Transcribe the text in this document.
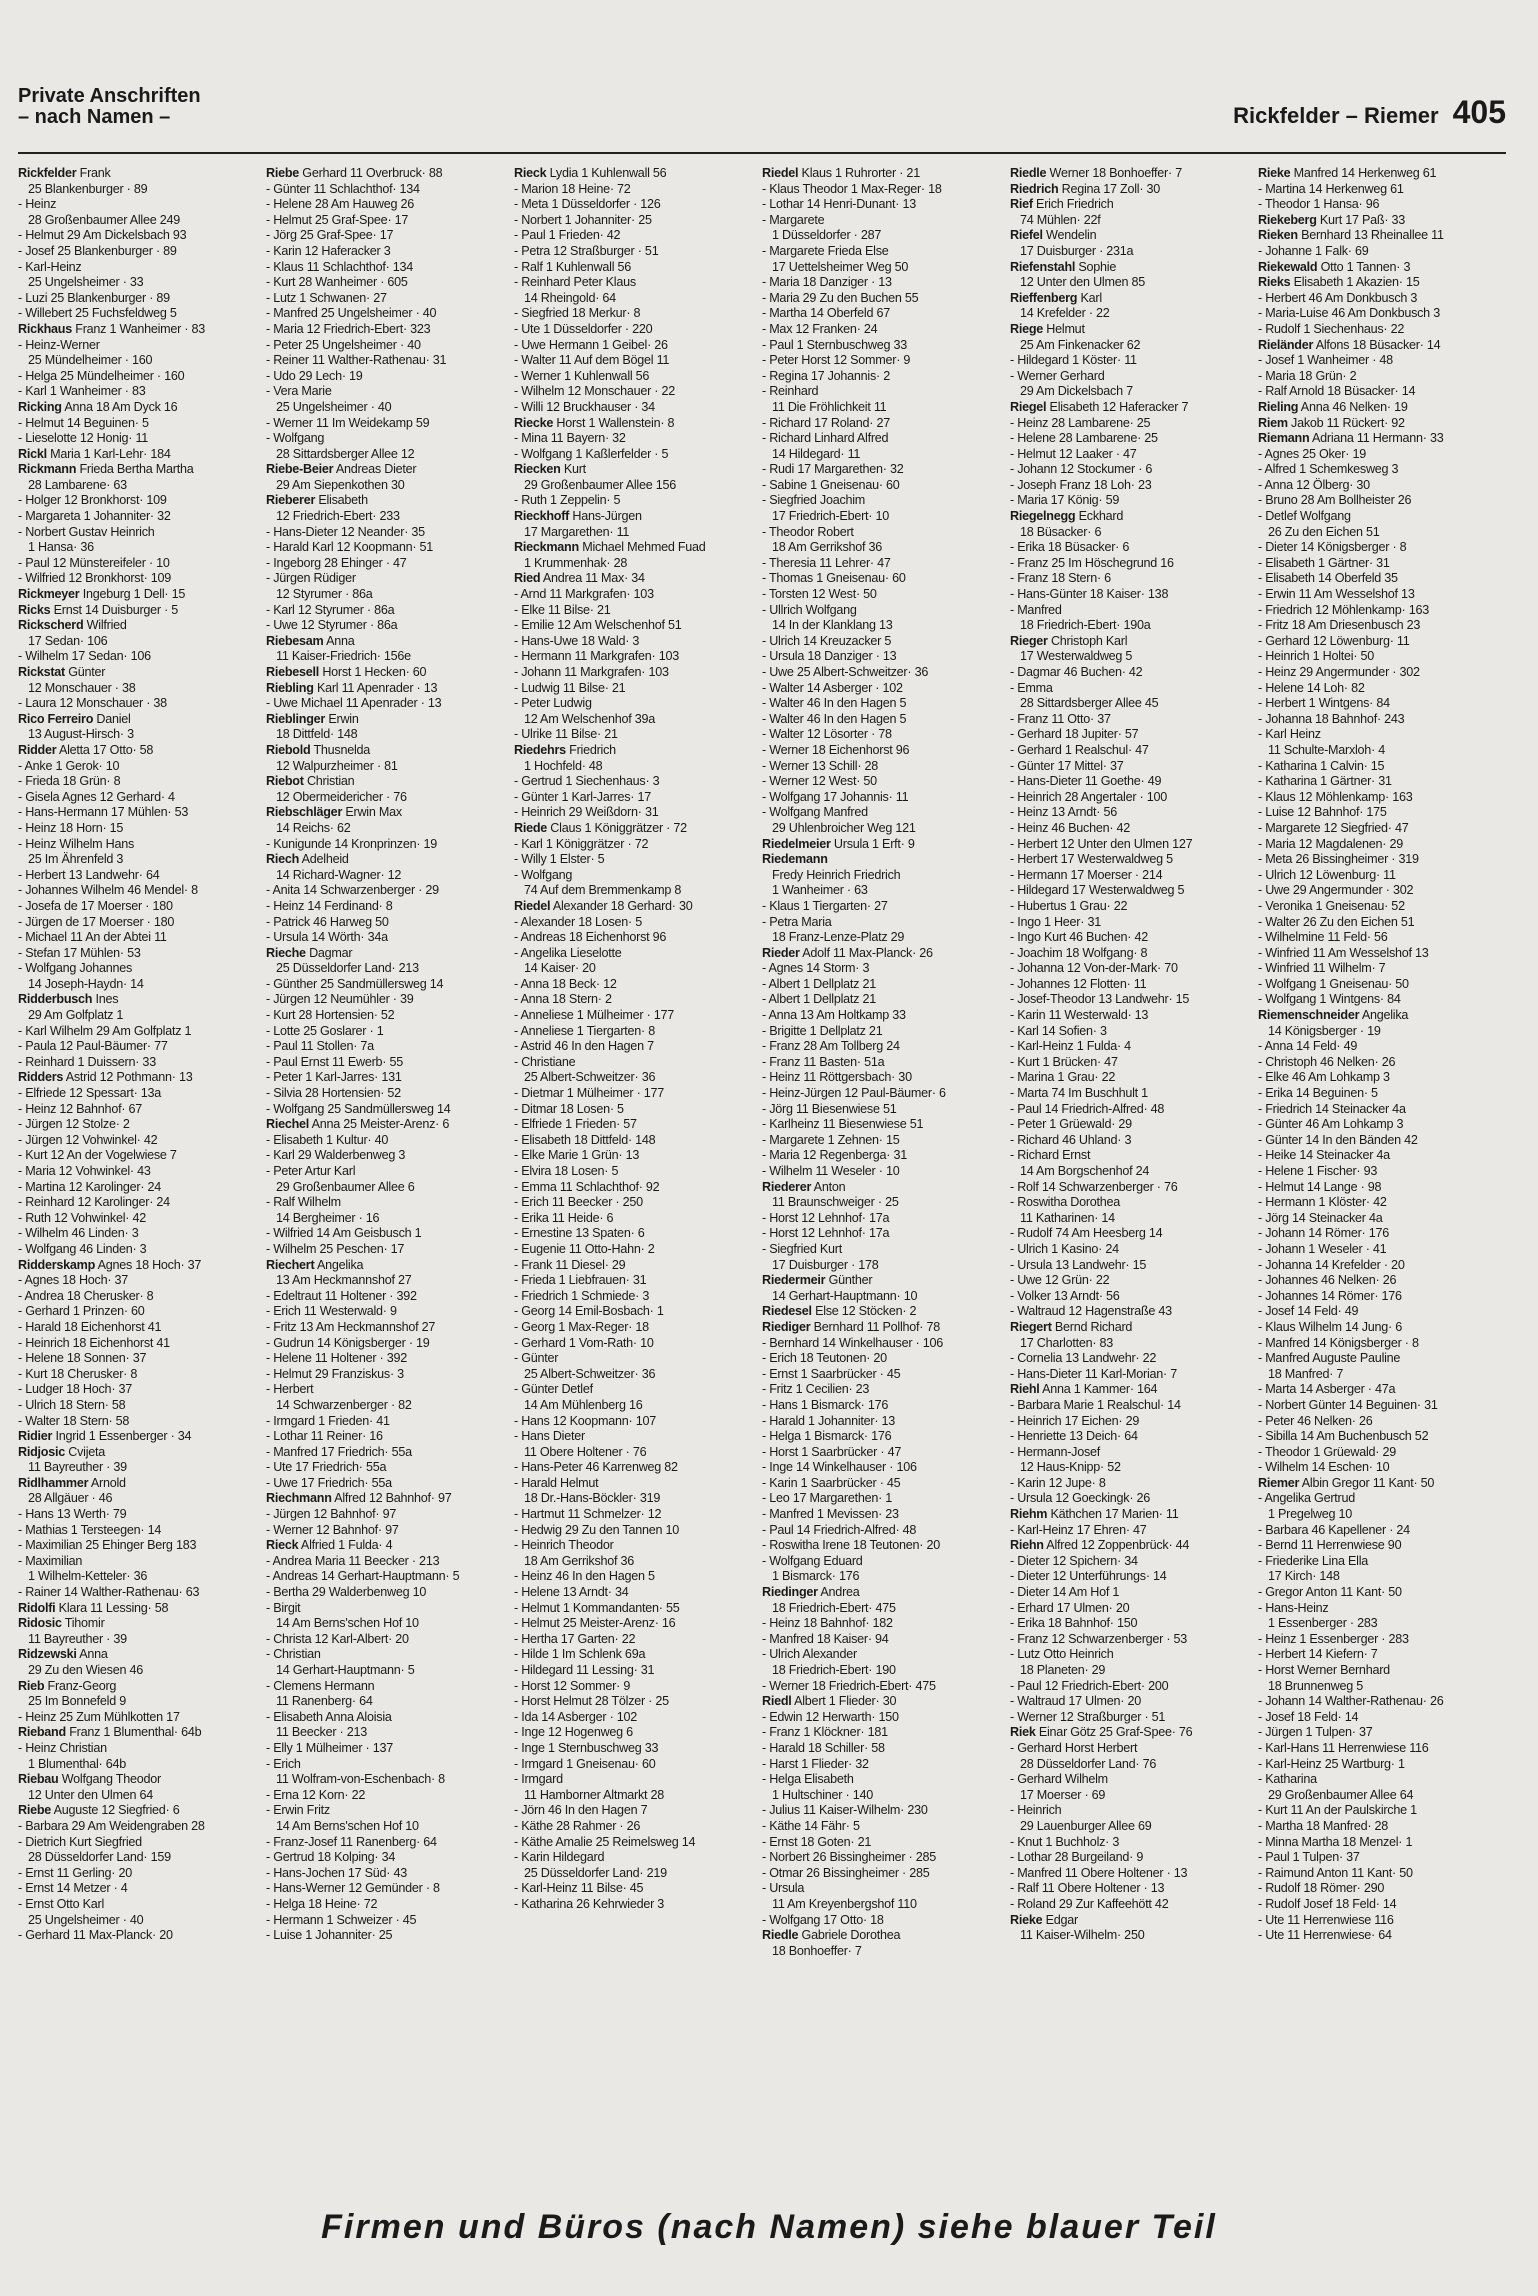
Private Anschriften
– nach Namen –	Rickfelder – Riemer 405
Rickfelder Frank
25 Blankenburger · 89
- Heinz
28 Großenbaumer Allee 249
- Helmut 29 Am Dickelsbach 93
- Josef 25 Blankenburger · 89
- Karl-Heinz
25 Ungelsheimer · 33
- Luzi 25 Blankenburger · 89
- Willebert 25 Fuchsfeldweg 5
Rickhaus Franz 1 Wanheimer · 83
- Heinz-Werner
25 Mündelheimer · 160
- Helga 25 Mündelheimer · 160
- Karl 1 Wanheimer · 83
Ricking Anna 18 Am Dyck 16
- Helmut 14 Beguinen· 5
- Lieselotte 12 Honig· 11
Rickl Maria 1 Karl-Lehr· 184
Rickmann Frieda Bertha Martha
28 Lambarene· 63
- Holger 12 Bronkhorst· 109
- Margareta 1 Johanniter· 32
- Norbert Gustav Heinrich
1 Hansa· 36
- Paul 12 Münstereifeler · 10
- Wilfried 12 Bronkhorst· 109
Rickmeyer Ingeburg 1 Dell· 15
Ricks Ernst 14 Duisburger · 5
Rickscherd Wilfried
17 Sedan· 106
- Wilhelm 17 Sedan· 106
Rickstat Günter
12 Monschauer · 38
- Laura 12 Monschauer · 38
Rico Ferreiro Daniel
13 August-Hirsch· 3
Ridder Aletta 17 Otto· 58
- Anke 1 Gerok· 10
- Frieda 18 Grün· 8
- Gisela Agnes 12 Gerhard· 4
- Hans-Hermann 17 Mühlen· 53
- Heinz 18 Horn· 15
- Heinz Wilhelm Hans
25 Im Ährenfeld 3
- Herbert 13 Landwehr· 64
- Johannes Wilhelm 46 Mendel· 8
- Josefa de 17 Moerser · 180
- Jürgen de 17 Moerser · 180
- Michael 11 An der Abtei 11
- Stefan 17 Mühlen· 53
- Wolfgang Johannes
14 Joseph-Haydn· 14
Ridderbusch Ines
29 Am Golfplatz 1
- Karl Wilhelm 29 Am Golfplatz 1
- Paula 12 Paul-Bäumer· 77
- Reinhard 1 Duissern· 33
Ridders Astrid 12 Pothmann· 13
- Elfriede 12 Spessart· 13a
- Heinz 12 Bahnhof· 67
- Jürgen 12 Stolze· 2
- Jürgen 12 Vohwinkel· 42
- Kurt 12 An der Vogelwiese 7
- Maria 12 Vohwinkel· 43
- Martina 12 Karolinger· 24
- Reinhard 12 Karolinger· 24
- Ruth 12 Vohwinkel· 42
- Wilhelm 46 Linden· 3
- Wolfgang 46 Linden· 3
Ridderskamp Agnes 18 Hoch· 37
- Agnes 18 Hoch· 37
- Andrea 18 Cherusker· 8
- Gerhard 1 Prinzen· 60
- Harald 18 Eichenhorst 41
- Heinrich 18 Eichenhorst 41
- Helene 18 Sonnen· 37
- Kurt 18 Cherusker· 8
- Ludger 18 Hoch· 37
- Ulrich 18 Stern· 58
- Walter 18 Stern· 58
Ridier Ingrid 1 Essenberger · 34
Ridjosic Cvijeta
11 Bayreuther · 39
Ridlhammer Arnold
28 Allgäuer · 46
- Hans 13 Werth· 79
- Mathias 1 Tersteegen· 14
- Maximilian 25 Ehinger Berg 183
- Maximilian
1 Wilhelm-Ketteler· 36
- Rainer 14 Walther-Rathenau· 63
Ridolfi Klara 11 Lessing· 58
Ridosic Tihomir
11 Bayreuther · 39
Ridzewski Anna
29 Zu den Wiesen 46
Rieb Franz-Georg
25 Im Bonnefeld 9
- Heinz 25 Zum Mühlkotten 17
Rieband Franz 1 Blumenthal· 64b
- Heinz Christian
1 Blumenthal· 64b
Riebau Wolfgang Theodor
12 Unter den Ulmen 64
Riebe Auguste 12 Siegfried· 6
- Barbara 29 Am Weidengraben 28
- Dietrich Kurt Siegfried
28 Düsseldorfer Land· 159
- Ernst 11 Gerling· 20
- Ernst 14 Metzer · 4
- Ernst Otto Karl
25 Ungelsheimer · 40
- Gerhard 11 Max-Planck· 20
Riebe Gerhard 11 Overbruck· 88
- Günter 11 Schlachthof· 134
- Helene 28 Am Hauweg 26
- Helmut 25 Graf-Spee· 17
- Jörg 25 Graf-Spee· 17
- Karin 12 Haferacker 3
- Klaus 11 Schlachthof· 134
- Kurt 28 Wanheimer · 605
- Lutz 1 Schwanen· 27
- Manfred 25 Ungelsheimer · 40
- Maria 12 Friedrich-Ebert· 323
- Peter 25 Ungelsheimer · 40
- Reiner 11 Walther-Rathenau· 31
- Udo 29 Lech· 19
- Vera Marie
25 Ungelsheimer · 40
- Werner 11 Im Weidekamp 59
- Wolfgang
28 Sittardsberger Allee 12
Riebe-Beier Andreas Dieter
29 Am Siepenkothen 30
Rieberer Elisabeth
12 Friedrich-Ebert· 233
- Hans-Dieter 12 Neander· 35
- Harald Karl 12 Koopmann· 51
- Ingeborg 28 Ehinger · 47
- Jürgen Rüdiger
12 Styrumer · 86a
- Karl 12 Styrumer · 86a
- Uwe 12 Styrumer · 86a
Riebesam Anna
11 Kaiser-Friedrich· 156e
Riebesell Horst 1 Hecken· 60
Riebling Karl 11 Apenrader · 13
- Uwe Michael 11 Apenrader · 13
Rieblinger Erwin
18 Dittfeld· 148
Riebold Thusnelda
12 Walpurzheimer · 81
Riebot Christian
12 Obermeidericher · 76
Riebschläger Erwin Max
14 Reichs· 62
- Kunigunde 14 Kronprinzen· 19
Riech Adelheid
14 Richard-Wagner· 12
- Anita 14 Schwarzenberger · 29
- Heinz 14 Ferdinand· 8
- Patrick 46 Harweg 50
- Ursula 14 Wörth· 34a
Rieche Dagmar
25 Düsseldorfer Land· 213
- Günther 25 Sandmüllersweg 14
- Jürgen 12 Neumühler · 39
- Kurt 28 Hortensien· 52
- Lotte 25 Goslarer · 1
- Paul 11 Stollen· 7a
- Paul Ernst 11 Ewerb· 55
- Peter 1 Karl-Jarres· 131
- Silvia 28 Hortensien· 52
- Wolfgang 25 Sandmüllersweg 14
Riechel Anna 25 Meister-Arenz· 6
- Elisabeth 1 Kultur· 40
- Karl 29 Walderbenweg 3
- Peter Artur Karl
29 Großenbaumer Allee 6
- Ralf Wilhelm
14 Bergheimer · 16
- Wilfried 14 Am Geisbusch 1
- Wilhelm 25 Peschen· 17
Riechert Angelika
13 Am Heckmannshof 27
- Edeltraut 11 Holtener · 392
- Erich 11 Westerwald· 9
- Fritz 13 Am Heckmannshof 27
- Gudrun 14 Königsberger · 19
- Helene 11 Holtener · 392
- Helmut 29 Franziskus· 3
- Herbert
14 Schwarzenberger · 82
- Irmgard 1 Frieden· 41
- Lothar 11 Reiner· 16
- Manfred 17 Friedrich· 55a
- Ute 17 Friedrich· 55a
- Uwe 17 Friedrich· 55a
Riechmann Alfred 12 Bahnhof· 97
- Jürgen 12 Bahnhof· 97
- Werner 12 Bahnhof· 97
Rieck Alfried 1 Fulda· 4
- Andrea Maria 11 Beecker · 213
- Andreas 14 Gerhart-Hauptmann· 5
- Bertha 29 Walderbenweg 10
- Birgit
14 Am Berns'schen Hof 10
- Christa 12 Karl-Albert· 20
- Christian
14 Gerhart-Hauptmann· 5
- Clemens Hermann
11 Ranenberg· 64
- Elisabeth Anna Aloisia
11 Beecker · 213
- Elly 1 Mülheimer · 137
- Erich
11 Wolfram-von-Eschenbach· 8
- Erna 12 Korn· 22
- Erwin Fritz
14 Am Berns'schen Hof 10
- Franz-Josef 11 Ranenberg· 64
- Gertrud 18 Kolping· 34
- Hans-Jochen 17 Süd· 43
- Hans-Werner 12 Gemünder · 8
- Helga 18 Heine· 72
- Hermann 1 Schweizer · 45
- Luise 1 Johanniter· 25
Rieck Lydia 1 Kuhlenwall 56
- Marion 18 Heine· 72
- Meta 1 Düsseldorfer · 126
- Norbert 1 Johanniter· 25
- Paul 1 Frieden· 42
- Petra 12 Straßburger · 51
- Ralf 1 Kuhlenwall 56
- Reinhard Peter Klaus
14 Rheingold· 64
- Siegfried 18 Merkur· 8
- Ute 1 Düsseldorfer · 220
- Uwe Hermann 1 Geibel· 26
- Walter 11 Auf dem Bögel 11
- Werner 1 Kuhlenwall 56
- Wilhelm 12 Monschauer · 22
- Willi 12 Bruckhauser · 34
Riecke Horst 1 Wallenstein· 8
- Mina 11 Bayern· 32
- Wolfgang 1 Kaßlerfelder · 5
Riecken Kurt
29 Großenbaumer Allee 156
- Ruth 1 Zeppelin· 5
Rieckhoff Hans-Jürgen
17 Margarethen· 11
Rieckmann Michael Mehmed Fuad
1 Krummenhak· 28
Ried Andrea 11 Max· 34
- Arnd 11 Markgrafen· 103
- Elke 11 Bilse· 21
- Emilie 12 Am Welschenhof 51
- Hans-Uwe 18 Wald· 3
- Hermann 11 Markgrafen· 103
- Johann 11 Markgrafen· 103
- Ludwig 11 Bilse· 21
- Peter Ludwig
12 Am Welschenhof 39a
- Ulrike 11 Bilse· 21
Riedehrs Friedrich
1 Hochfeld· 48
- Gertrud 1 Siechenhaus· 3
- Günter 1 Karl-Jarres· 17
- Heinrich 29 Weißdorn· 31
Riede Claus 1 Königgrätzer · 72
- Karl 1 Königgrätzer · 72
- Willy 1 Elster· 5
- Wolfgang
74 Auf dem Bremmenkamp 8
Riedel Alexander 18 Gerhard· 30
- Alexander 18 Losen· 5
- Andreas 18 Eichenhorst 96
- Angelika Lieselotte
14 Kaiser· 20
- Anna 18 Beck· 12
- Anna 18 Stern· 2
- Anneliese 1 Mülheimer · 177
- Anneliese 1 Tiergarten· 8
- Astrid 46 In den Hagen 7
- Christiane
25 Albert-Schweitzer· 36
- Dietmar 1 Mülheimer · 177
- Ditmar 18 Losen· 5
- Elfriede 1 Frieden· 57
- Elisabeth 18 Dittfeld· 148
- Elke Marie 1 Grün· 13
- Elvira 18 Losen· 5
- Emma 11 Schlachthof· 92
- Erich 11 Beecker · 250
- Erika 11 Heide· 6
- Ernestine 13 Spaten· 6
- Eugenie 11 Otto-Hahn· 2
- Frank 11 Diesel· 29
- Frieda 1 Liebfrauen· 31
- Friedrich 1 Schmiede· 3
- Georg 14 Emil-Bosbach· 1
- Georg 1 Max-Reger· 18
- Gerhard 1 Vom-Rath· 10
- Günter
25 Albert-Schweitzer· 36
- Günter Detlef
14 Am Mühlenberg 16
- Hans 12 Koopmann· 107
- Hans Dieter
11 Obere Holtener · 76
- Hans-Peter 46 Karrenweg 82
- Harald Helmut
18 Dr.-Hans-Böckler· 319
- Hartmut 11 Schmelzer· 12
- Hedwig 29 Zu den Tannen 10
- Heinrich Theodor
18 Am Gerrikshof 36
- Heinz 46 In den Hagen 5
- Helene 13 Arndt· 34
- Helmut 1 Kommandanten· 55
- Helmut 25 Meister-Arenz· 16
- Hertha 17 Garten· 22
- Hilde 1 Im Schlenk 69a
- Hildegard 11 Lessing· 31
- Horst 12 Sommer· 9
- Horst Helmut 28 Tölzer · 25
- Ida 14 Asberger · 102
- Inge 12 Hogenweg 6
- Inge 1 Sternbuschweg 33
- Irmgard 1 Gneisenau· 60
- Irmgard
11 Hamborner Altmarkt 28
- Jörn 46 In den Hagen 7
- Käthe 28 Rahmer · 26
- Käthe Amalie 25 Reimelsweg 14
- Karin Hildegard
25 Düsseldorfer Land· 219
- Karl-Heinz 11 Bilse· 45
- Katharina 26 Kehrwieder 3
Riedel Klaus 1 Ruhrorter · 21
- Klaus Theodor 1 Max-Reger· 18
- Lothar 14 Henri-Dunant· 13
- Margarete
1 Düsseldorfer · 287
- Margarete Frieda Else
17 Uettelsheimer Weg 50
- Maria 18 Danziger · 13
- Maria 29 Zu den Buchen 55
- Martha 14 Oberfeld 67
- Max 12 Franken· 24
- Paul 1 Sternbuschweg 33
- Peter Horst 12 Sommer· 9
- Regina 17 Johannis· 2
- Reinhard
11 Die Fröhlichkeit 11
- Richard 17 Roland· 27
- Richard Linhard Alfred
14 Hildegard· 11
- Rudi 17 Margarethen· 32
- Sabine 1 Gneisenau· 60
- Siegfried Joachim
17 Friedrich-Ebert· 10
- Theodor Robert
18 Am Gerrikshof 36
- Theresia 11 Lehrer· 47
- Thomas 1 Gneisenau· 60
- Torsten 12 West· 50
- Ullrich Wolfgang
14 In der Klanklang 13
- Ulrich 14 Kreuzacker 5
- Ursula 18 Danziger · 13
- Uwe 25 Albert-Schweitzer· 36
- Walter 14 Asberger · 102
- Walter 46 In den Hagen 5
- Walter 46 In den Hagen 5
- Walter 12 Lösorter · 78
- Werner 18 Eichenhorst 96
- Werner 13 Schill· 28
- Werner 12 West· 50
- Wolfgang 17 Johannis· 11
- Wolfgang Manfred
29 Uhlenbroicher Weg 121
Riedelmeier Ursula 1 Erft· 9
Riedemann
Fredy Heinrich Friedrich
1 Wanheimer · 63
- Klaus 1 Tiergarten· 27
- Petra Maria
18 Franz-Lenze-Platz 29
Rieder Adolf 11 Max-Planck· 26
- Agnes 14 Storm· 3
- Albert 1 Dellplatz 21
- Albert 1 Dellplatz 21
- Anna 13 Am Holtkamp 33
- Brigitte 1 Dellplatz 21
- Franz 28 Am Tollberg 24
- Franz 11 Basten· 51a
- Heinz 11 Röttgersbach· 30
- Heinz-Jürgen 12 Paul-Bäumer· 6
- Jörg 11 Biesenwiese 51
- Karlheinz 11 Biesenwiese 51
- Margarete 1 Zehnen· 15
- Maria 12 Regenberga· 31
- Wilhelm 11 Weseler · 10
Riederer Anton
11 Braunschweiger · 25
- Horst 12 Lehnhof· 17a
- Horst 12 Lehnhof· 17a
- Siegfried Kurt
17 Duisburger · 178
Riedermeir Günther
14 Gerhart-Hauptmann· 10
Riedesel Else 12 Stöcken· 2
Riediger Bernhard 11 Pollhof· 78
- Bernhard 14 Winkelhauser · 106
- Erich 18 Teutonen· 20
- Ernst 1 Saarbrücker · 45
- Fritz 1 Cecilien· 23
- Hans 1 Bismarck· 176
- Harald 1 Johanniter· 13
- Helga 1 Bismarck· 176
- Horst 1 Saarbrücker · 47
- Inge 14 Winkelhauser · 106
- Karin 1 Saarbrücker · 45
- Leo 17 Margarethen· 1
- Manfred 1 Mevissen· 23
- Paul 14 Friedrich-Alfred· 48
- Roswitha Irene 18 Teutonen· 20
- Wolfgang Eduard
1 Bismarck· 176
Riedinger Andrea
18 Friedrich-Ebert· 475
- Heinz 18 Bahnhof· 182
- Manfred 18 Kaiser· 94
- Ulrich Alexander
18 Friedrich-Ebert· 190
- Werner 18 Friedrich-Ebert· 475
Riedl Albert 1 Flieder· 30
- Edwin 12 Herwarth· 150
- Franz 1 Klöckner· 181
- Harald 18 Schiller· 58
- Harst 1 Flieder· 32
- Helga Elisabeth
1 Hultschiner · 140
- Julius 11 Kaiser-Wilhelm· 230
- Käthe 14 Fähr· 5
- Ernst 18 Goten· 21
- Norbert 26 Bissingheimer · 285
- Otmar 26 Bissingheimer · 285
- Ursula
11 Am Kreyenbergshof 110
- Wolfgang 17 Otto· 18
Riedle Gabriele Dorothea
18 Bonhoeffer· 7
Riedle Werner 18 Bonhoeffer· 7
Riedrich Regina 17 Zoll· 30
Rief Erich Friedrich
74 Mühlen· 22f
Riefel Wendelin
17 Duisburger · 231a
Riefenstahl Sophie
12 Unter den Ulmen 85
Rieffenberg Karl
14 Krefelder · 22
Riege Helmut
25 Am Finkenacker 62
- Hildegard 1 Köster· 11
- Werner Gerhard
29 Am Dickelsbach 7
Riegel Elisabeth 12 Haferacker 7
- Heinz 28 Lambarene· 25
- Helene 28 Lambarene· 25
- Helmut 12 Laaker · 47
- Johann 12 Stockumer · 6
- Joseph Franz 18 Loh· 23
- Maria 17 König· 59
Riegelnegg Eckhard
18 Büsacker· 6
- Erika 18 Büsacker· 6
- Franz 25 Im Höschegrund 16
- Franz 18 Stern· 6
- Hans-Günter 18 Kaiser· 138
- Manfred
18 Friedrich-Ebert· 190a
Rieger Christoph Karl
17 Westerwaldweg 5
- Dagmar 46 Buchen· 42
- Emma
28 Sittardsberger Allee 45
- Franz 11 Otto· 37
- Gerhard 18 Jupiter· 57
- Gerhard 1 Realschul· 47
- Günter 17 Mittel· 37
- Hans-Dieter 11 Goethe· 49
- Heinrich 28 Angertaler · 100
- Heinz 13 Arndt· 56
- Heinz 46 Buchen· 42
- Herbert 12 Unter den Ulmen 127
- Herbert 17 Westerwaldweg 5
- Hermann 17 Moerser · 214
- Hildegard 17 Westerwaldweg 5
- Hubertus 1 Grau· 22
- Ingo 1 Heer· 31
- Ingo Kurt 46 Buchen· 42
- Joachim 18 Wolfgang· 8
- Johanna 12 Von-der-Mark· 70
- Johannes 12 Flotten· 11
- Josef-Theodor 13 Landwehr· 15
- Karin 11 Westerwald· 13
- Karl 14 Sofien· 3
- Karl-Heinz 1 Fulda· 4
- Kurt 1 Brücken· 47
- Marina 1 Grau· 22
- Marta 74 Im Buschhult 1
- Paul 14 Friedrich-Alfred· 48
- Peter 1 Grüewald· 29
- Richard 46 Uhland· 3
- Richard Ernst
14 Am Borgschenhof 24
- Rolf 14 Schwarzenberger · 76
- Roswitha Dorothea
11 Katharinen· 14
- Rudolf 74 Am Heesberg 14
- Ulrich 1 Kasino· 24
- Ursula 13 Landwehr· 15
- Uwe 12 Grün· 22
- Volker 13 Arndt· 56
- Waltraud 12 Hagenstraße 43
Riegert Bernd Richard
17 Charlotten· 83
- Cornelia 13 Landwehr· 22
- Hans-Dieter 11 Karl-Morian· 7
Riehl Anna 1 Kammer· 164
- Barbara Marie 1 Realschul· 14
- Heinrich 17 Eichen· 29
- Henriette 13 Deich· 64
- Hermann-Josef
12 Haus-Knipp· 52
- Karin 12 Jupe· 8
- Ursula 12 Goeckingk· 26
Riehm Käthchen 17 Marien· 11
- Karl-Heinz 17 Ehren· 47
Riehn Alfred 12 Zoppenbrück· 44
- Dieter 12 Spichern· 34
- Dieter 12 Unterführungs· 14
- Dieter 14 Am Hof 1
- Erhard 17 Ulmen· 20
- Erika 18 Bahnhof· 150
- Franz 12 Schwarzenberger · 53
- Lutz Otto Heinrich
18 Planeten· 29
- Paul 12 Friedrich-Ebert· 200
- Waltraud 17 Ulmen· 20
- Werner 12 Straßburger · 51
Riek Einar Götz 25 Graf-Spee· 76
- Gerhard Horst Herbert
28 Düsseldorfer Land· 76
- Gerhard Wilhelm
17 Moerser · 69
- Heinrich
29 Lauenburger Allee 69
- Knut 1 Buchholz· 3
- Lothar 28 Burgeiland· 9
- Manfred 11 Obere Holtener · 13
- Ralf 11 Obere Holtener · 13
- Roland 29 Zur Kaffeehött 42
Rieke Edgar
11 Kaiser-Wilhelm· 250
Rieke Manfred 14 Herkenweg 61
- Martina 14 Herkenweg 61
- Theodor 1 Hansa· 96
Riekeberg Kurt 17 Paß· 33
Rieken Bernhard 13 Rheinallee 11
- Johanne 1 Falk· 69
Riekewald Otto 1 Tannen· 3
Rieks Elisabeth 1 Akazien· 15
- Herbert 46 Am Donkbusch 3
- Maria-Luise 46 Am Donkbusch 3
- Rudolf 1 Siechenhaus· 22
Rieländer Alfons 18 Büsacker· 14
- Josef 1 Wanheimer · 48
- Maria 18 Grün· 2
- Ralf Arnold 18 Büsacker· 14
Rieling Anna 46 Nelken· 19
Riem Jakob 11 Rückert· 92
Riemann Adriana 11 Hermann· 33
- Agnes 25 Oker· 19
- Alfred 1 Schemkesweg 3
- Anna 12 Ölberg· 30
- Bruno 28 Am Bollheister 26
- Detlef Wolfgang
26 Zu den Eichen 51
- Dieter 14 Königsberger · 8
- Elisabeth 1 Gärtner· 31
- Elisabeth 14 Oberfeld 35
- Erwin 11 Am Wesselshof 13
- Friedrich 12 Möhlenkamp· 163
- Fritz 18 Am Driesenbusch 23
- Gerhard 12 Löwenburg· 11
- Heinrich 1 Holtei· 50
- Heinz 29 Angermunder · 302
- Helene 14 Loh· 82
- Herbert 1 Wintgens· 84
- Johanna 18 Bahnhof· 243
- Karl Heinz
11 Schulte-Marxloh· 4
- Katharina 1 Calvin· 15
- Katharina 1 Gärtner· 31
- Klaus 12 Möhlenkamp· 163
- Luise 12 Bahnhof· 175
- Margarete 12 Siegfried· 47
- Maria 12 Magdalenen· 29
- Meta 26 Bissingheimer · 319
- Ulrich 12 Löwenburg· 11
- Uwe 29 Angermunder · 302
- Veronika 1 Gneisenau· 52
- Walter 26 Zu den Eichen 51
- Wilhelmine 11 Feld· 56
- Winfried 11 Am Wesselshof 13
- Winfried 11 Wilhelm· 7
- Wolfgang 1 Gneisenau· 50
- Wolfgang 1 Wintgens· 84
Riemenschneider Angelika
14 Königsberger · 19
- Anna 14 Feld· 49
- Christoph 46 Nelken· 26
- Elke 46 Am Lohkamp 3
- Erika 14 Beguinen· 5
- Friedrich 14 Steinacker 4a
- Günter 46 Am Lohkamp 3
- Günter 14 In den Bänden 42
- Heike 14 Steinacker 4a
- Helene 1 Fischer· 93
- Helmut 14 Lange · 98
- Hermann 1 Klöster· 42
- Jörg 14 Steinacker 4a
- Johann 14 Römer· 176
- Johann 1 Weseler · 41
- Johanna 14 Krefelder · 20
- Johannes 46 Nelken· 26
- Johannes 14 Römer· 176
- Josef 14 Feld· 49
- Klaus Wilhelm 14 Jung· 6
- Manfred 14 Königsberger · 8
- Manfred Auguste Pauline
18 Manfred· 7
- Marta 14 Asberger · 47a
- Norbert Günter 14 Beguinen· 31
- Peter 46 Nelken· 26
- Sibilla 14 Am Buchenbusch 52
- Theodor 1 Grüewald· 29
- Wilhelm 14 Eschen· 10
Riemer Albin Gregor 11 Kant· 50
- Angelika Gertrud
1 Pregelweg 10
- Barbara 46 Kapellener · 24
- Bernd 11 Herrenwiese 90
- Friederike Lina Ella
17 Kirch· 148
- Gregor Anton 11 Kant· 50
- Hans-Heinz
1 Essenberger · 283
- Heinz 1 Essenberger · 283
- Herbert 14 Kiefern· 7
- Horst Werner Bernhard
18 Brunnenweg 5
- Johann 14 Walther-Rathenau· 26
- Josef 18 Feld· 14
- Jürgen 1 Tulpen· 37
- Karl-Hans 11 Herrenwiese 116
- Karl-Heinz 25 Wartburg· 1
- Katharina
29 Großenbaumer Allee 64
- Kurt 11 An der Paulskirche 1
- Martha 18 Manfred· 28
- Minna Martha 18 Menzel· 1
- Paul 1 Tulpen· 37
- Raimund Anton 11 Kant· 50
- Rudolf 18 Römer· 290
- Rudolf Josef 18 Feld· 14
- Ute 11 Herrenwiese 116
- Ute 11 Herrenwiese· 64
Firmen und Büros (nach Namen) siehe blauer Teil
